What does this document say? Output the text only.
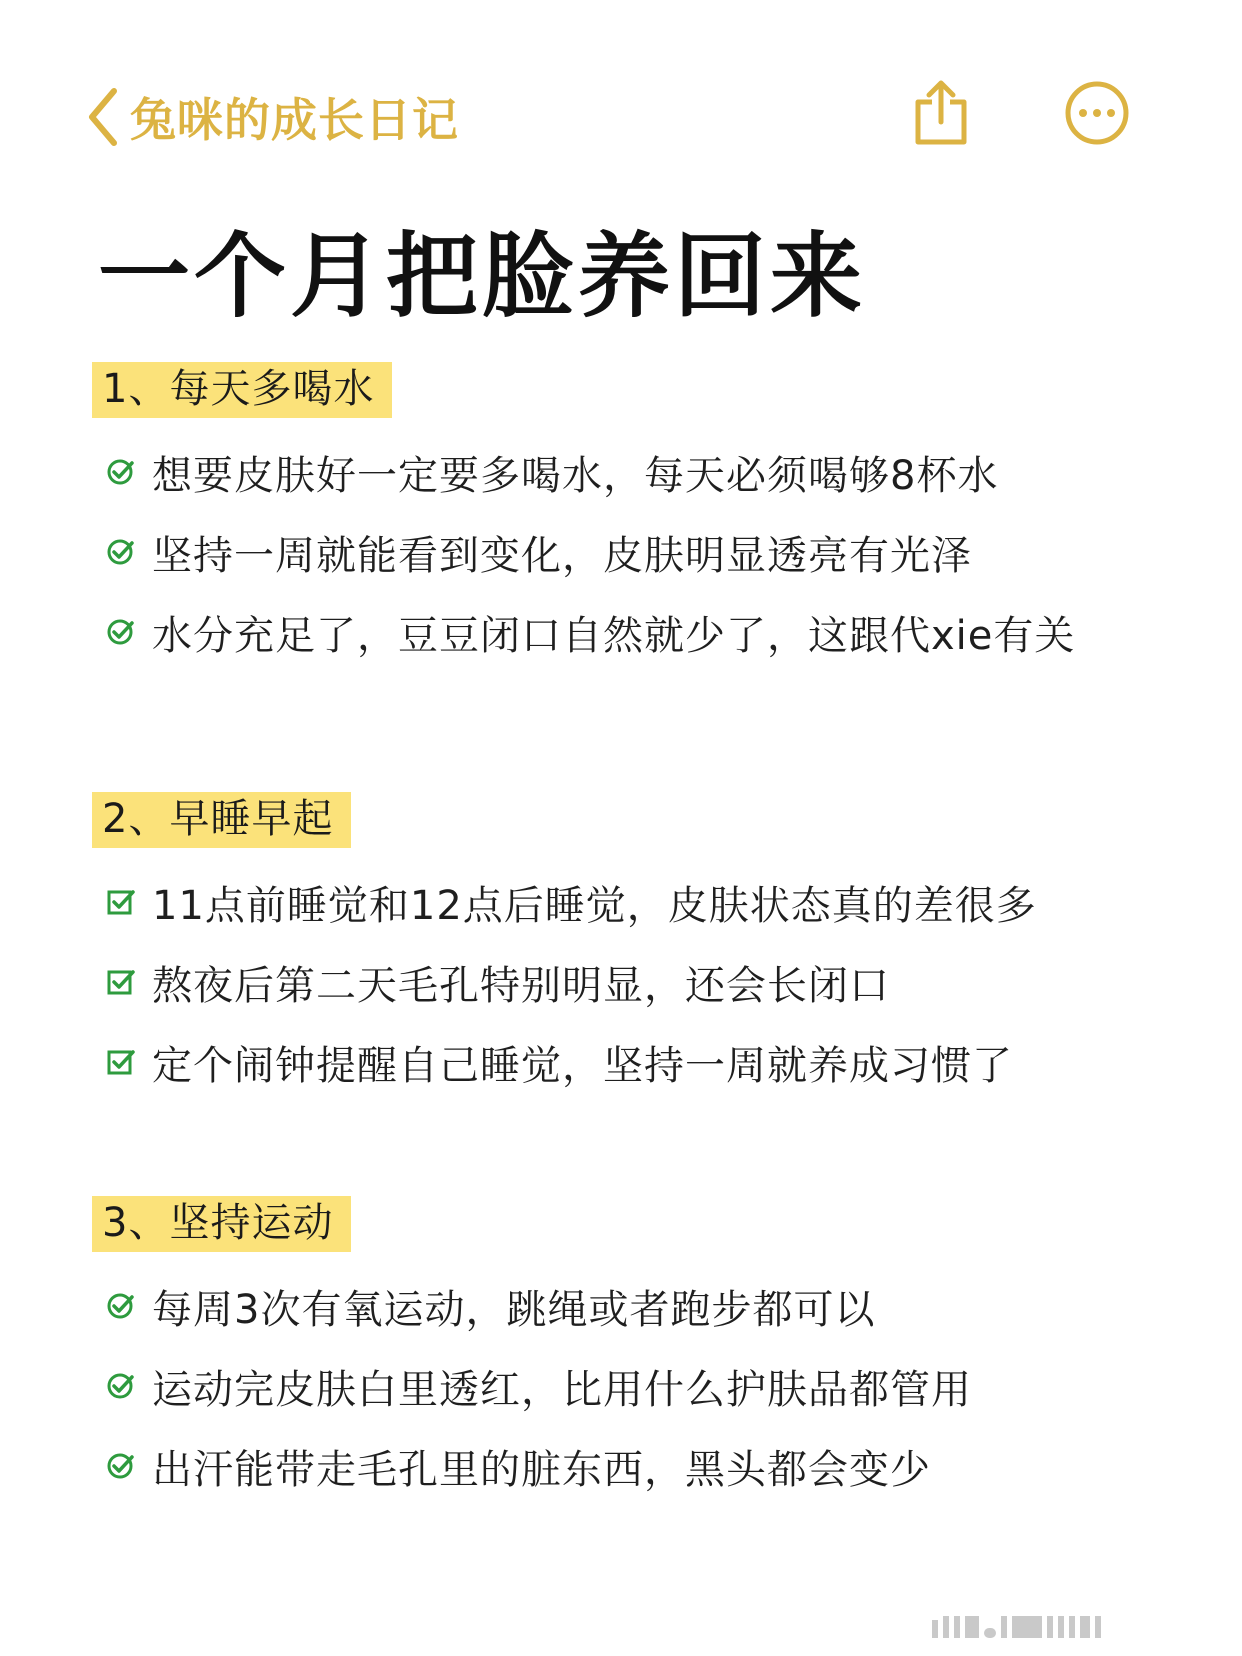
兔咪的成长日记
一个月把脸养回来
1、每天多喝水
想要皮肤好一定要多喝水，每天必须喝够8杯水
坚持一周就能看到变化，皮肤明显透亮有光泽
水分充足了，豆豆闭口自然就少了，这跟代xie有关
2、早睡早起
11点前睡觉和12点后睡觉，皮肤状态真的差很多
熬夜后第二天毛孔特别明显，还会长闭口
定个闹钟提醒自己睡觉，坚持一周就养成习惯了
3、坚持运动
每周3次有氧运动，跳绳或者跑步都可以
运动完皮肤白里透红，比用什么护肤品都管用
出汗能带走毛孔里的脏东西，黑头都会变少
